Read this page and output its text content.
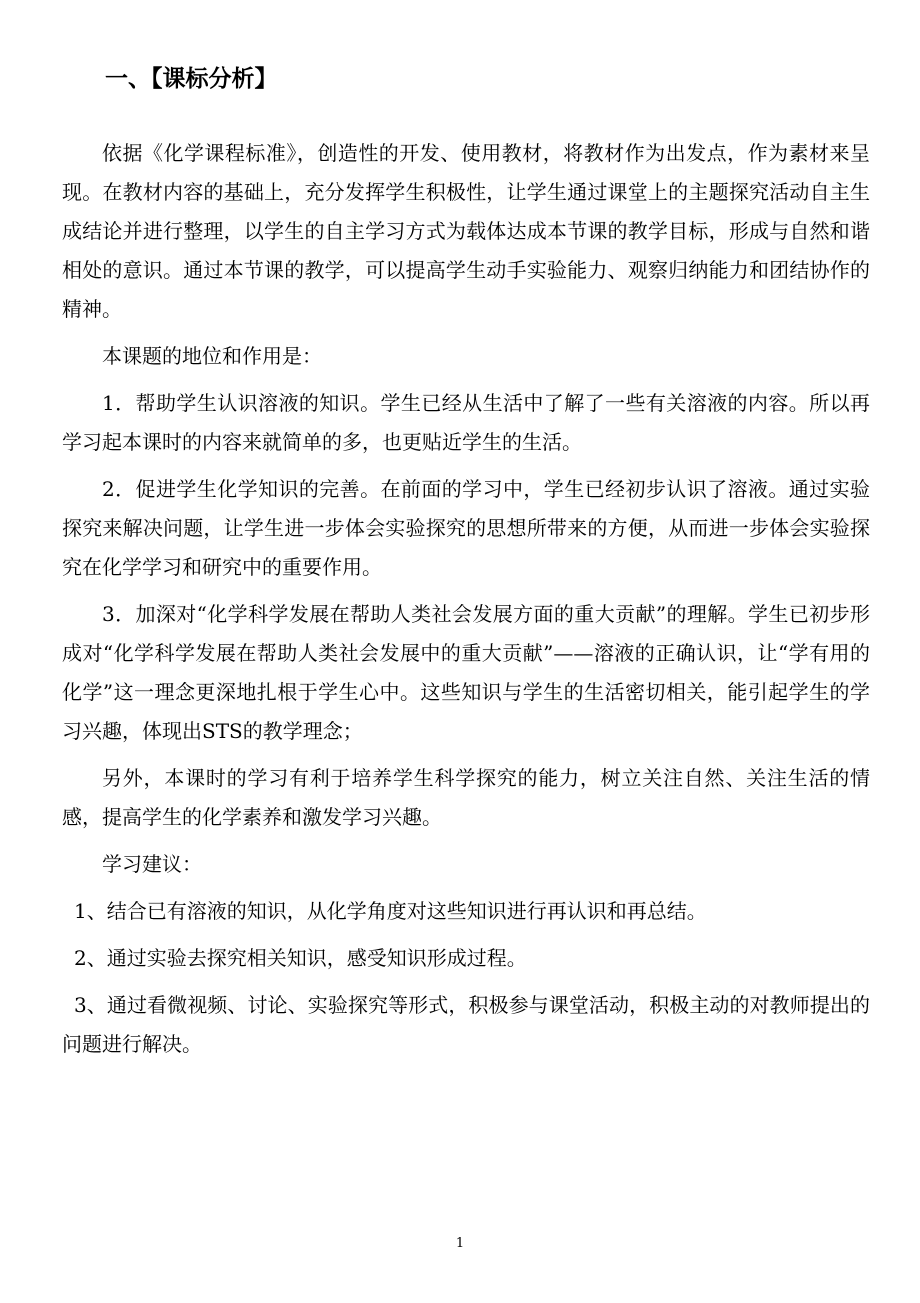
一、【课标分析】

依据《化学课程标准》，创造性的开发、使用教材，将教材作为出发点，作为素材来呈现。在教材内容的基础上，充分发挥学生积极性，让学生通过课堂上的主题探究活动自主生成结论并进行整理，以学生的自主学习方式为载体达成本节课的教学目标，形成与自然和谐相处的意识。通过本节课的教学，可以提高学生动手实验能力、观察归纳能力和团结协作的精神。

本课题的地位和作用是：

1．帮助学生认识溶液的知识。学生已经从生活中了解了一些有关溶液的内容。所以再学习起本课时的内容来就简单的多，也更贴近学生的生活。

2．促进学生化学知识的完善。在前面的学习中，学生已经初步认识了溶液。通过实验探究来解决问题，让学生进一步体会实验探究的思想所带来的方便，从而进一步体会实验探究在化学学习和研究中的重要作用。

3．加深对“化学科学发展在帮助人类社会发展方面的重大贡献”的理解。学生已初步形成对“化学科学发展在帮助人类社会发展中的重大贡献”——溶液的正确认识，让“学有用的化学”这一理念更深地扎根于学生心中。这些知识与学生的生活密切相关，能引起学生的学习兴趣，体现出STS的教学理念；

另外，本课时的学习有利于培养学生科学探究的能力，树立关注自然、关注生活的情感，提高学生的化学素养和激发学习兴趣。

学习建议：

1、结合已有溶液的知识，从化学角度对这些知识进行再认识和再总结。

2、通过实验去探究相关知识，感受知识形成过程。

3、通过看微视频、讨论、实验探究等形式，积极参与课堂活动，积极主动的对教师提出的问题进行解决。

1
